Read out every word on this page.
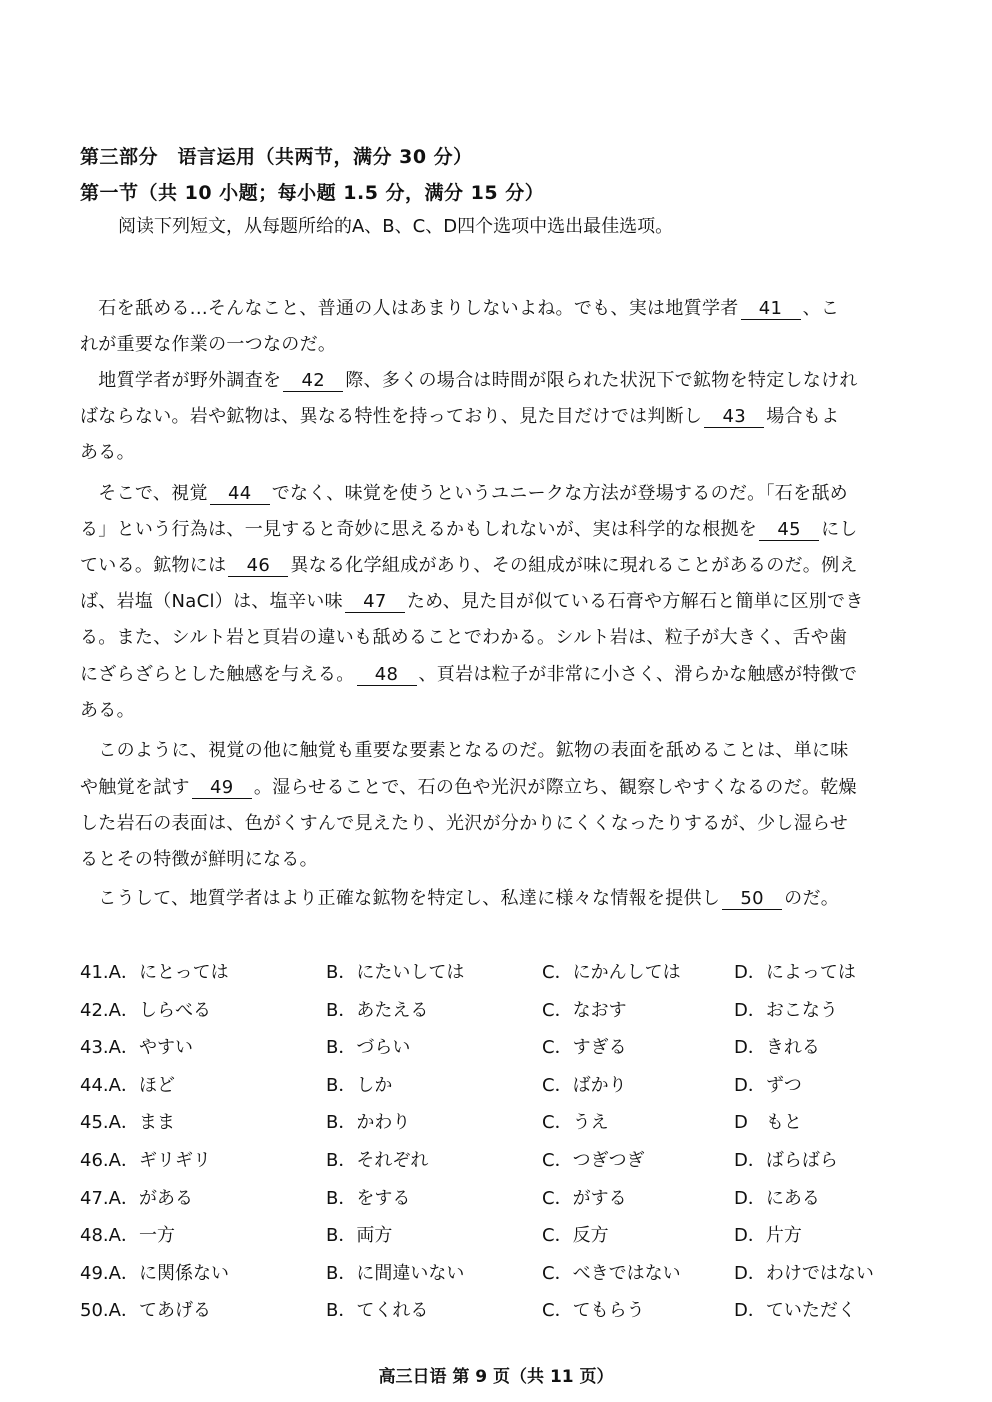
第三部分　语言运用（共两节，满分 30 分）
第一节（共 10 小题；每小题 1.5 分，满分 15 分）
阅读下列短文，从每题所给的A、B、C、D四个选项中选出最佳选项。
　石を舐める...そんなこと、普通の人はあまりしないよね。でも、実は地質学者 41 、こ
れが重要な作業の一つなのだ。
　地質学者が野外調査を 42 際、多くの場合は時間が限られた状況下で鉱物を特定しなけれ
ばならない。岩や鉱物は、異なる特性を持っており、見た目だけでは判断し 43 場合もよ
ある。
　そこで、視覚 44 でなく、味覚を使うというユニークな方法が登場するのだ。「石を舐め
る」という行為は、一見すると奇妙に思えるかもしれないが、実は科学的な根拠を 45 にし
ている。鉱物には 46 異なる化学組成があり、その組成が味に現れることがあるのだ。例え
ば、岩塩（NaCl）は、塩辛い味 47 ため、見た目が似ている石膏や方解石と簡単に区別でき
る。また、シルト岩と頁岩の違いも舐めることでわかる。シルト岩は、粒子が大きく、舌や歯
にざらざらとした触感を与える。 48 、頁岩は粒子が非常に小さく、滑らかな触感が特徴で
ある。
　このように、視覚の他に触覚も重要な要素となるのだ。鉱物の表面を舐めることは、単に味
や触覚を試す 49 。湿らせることで、石の色や光沢が際立ち、観察しやすくなるのだ。乾燥
した岩石の表面は、色がくすんで見えたり、光沢が分かりにくくなったりするが、少し湿らせ
るとその特徴が鮮明になる。
　こうして、地質学者はより正確な鉱物を特定し、私達に様々な情報を提供し 50 のだ。
41.A．にとっては	B．にたいしては	C．にかんしては	D．によっては
42.A．しらべる	B．あたえる	C．なおす	D．おこなう
43.A．やすい	B．づらい	C．すぎる	D．きれる
44.A．ほど	B．しか	C．ばかり	D．ずつ
45.A．まま	B．かわり	C．うえ	D　もと
46.A．ギリギリ	B．それぞれ	C．つぎつぎ	D．ばらばら
47.A．がある	B．をする	C．がする	D．にある
48.A．一方	B．両方	C．反方	D．片方
49.A．に関係ない	B．に間違いない	C．べきではない	D．わけではない
50.A．てあげる	B．てくれる	C．てもらう	D．ていただく
高三日语 第 9 页（共 11 页）
